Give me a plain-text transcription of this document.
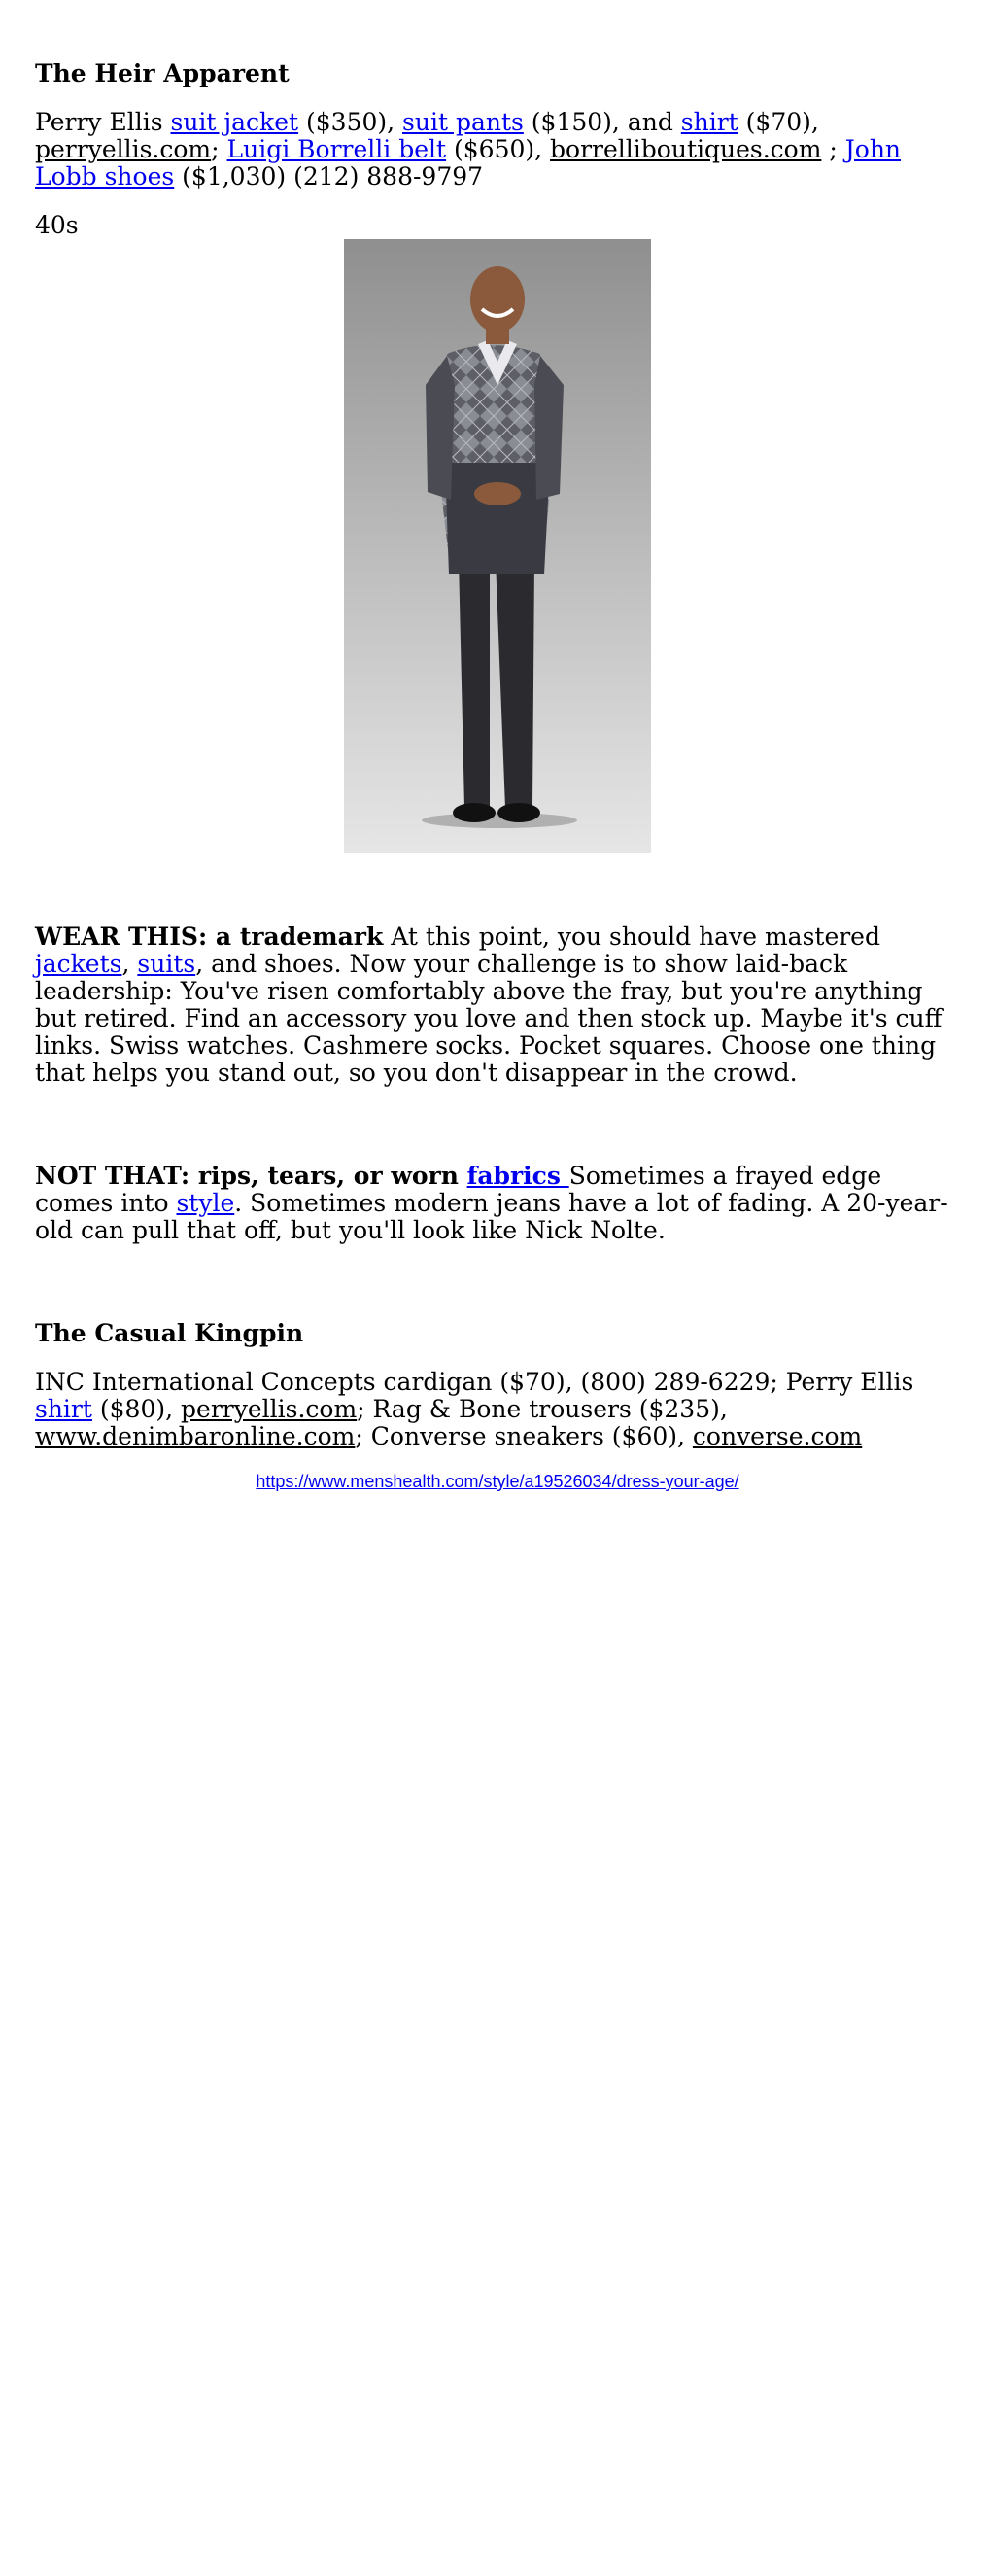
The Heir Apparent

Perry Ellis suit jacket ($350), suit pants ($150), and shirt ($70), perryellis.com; Luigi Borrelli belt ($650), borrelliboutiques.com ; John Lobb shoes ($1,030) (212) 888-9797

40s

WEAR THIS: a trademark At this point, you should have mastered jackets, suits, and shoes. Now your challenge is to show laid-back leadership: You've risen comfortably above the fray, but you're anything but retired. Find an accessory you love and then stock up. Maybe it's cuff links. Swiss watches. Cashmere socks. Pocket squares. Choose one thing that helps you stand out, so you don't disappear in the crowd.

NOT THAT: rips, tears, or worn fabrics Sometimes a frayed edge comes into style. Sometimes modern jeans have a lot of fading. A 20-year-old can pull that off, but you'll look like Nick Nolte.

The Casual Kingpin

INC International Concepts cardigan ($70), (800) 289-6229; Perry Ellis shirt ($80), perryellis.com; Rag & Bone trousers ($235), www.denimbaronline.com; Converse sneakers ($60), converse.com

https://www.menshealth.com/style/a19526034/dress-your-age/
